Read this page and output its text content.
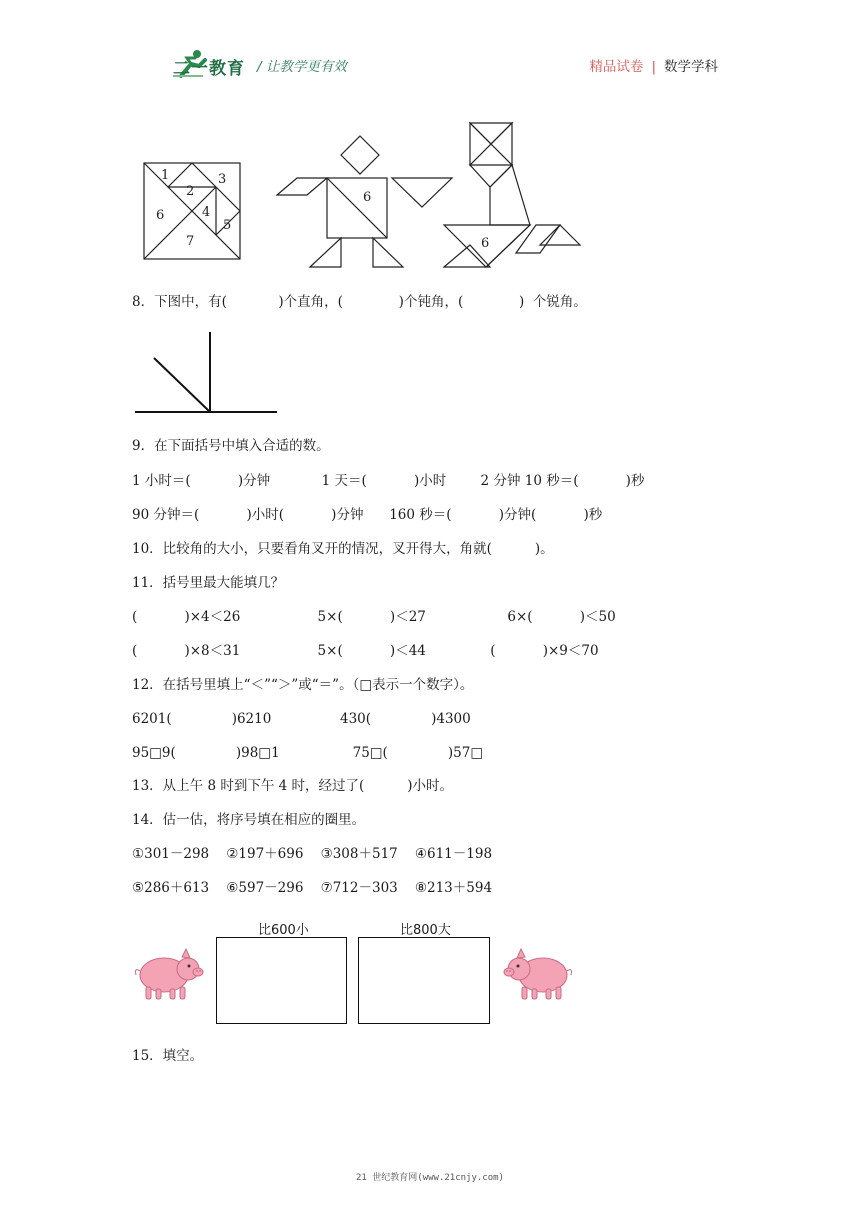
二一教育 / 让教学更有效	精品试卷 | 数学学科
1
2
3
4
5
6
7
6
6
8．下图中，有(            )个直角，(             )个钝角，(             )  个锐角。
9．在下面括号中填入合适的数。
1 小时＝(           )分钟            1 天＝(           )小时        2 分钟 10 秒＝(           )秒
90 分钟＝(           )小时(           )分钟      160 秒＝(           )分钟(           )秒
10．比较角的大小，只要看角叉开的情况，叉开得大，角就(          )。
11．括号里最大能填几？
(           )×4＜26                  5×(           )＜27                   6×(           )＜50
(           )×8＜31                  5×(           )＜44               (           )×9＜70
12．在括号里填上“＜”“＞”或“＝”。（□表示一个数字）。
6201(              )6210                430(              )4300
95□9(              )98□1                 75□(              )57□
13．从上午 8 时到下午 4 时，经过了(          )小时。
14．估一估，将序号填在相应的圈里。
①301－298    ②197＋696    ③308＋517    ④611－198
⑤286＋613    ⑥597－296    ⑦712－303    ⑧213＋594
比600小	比800大
15．填空。
21 世纪教育网(www.21cnjy.com)
